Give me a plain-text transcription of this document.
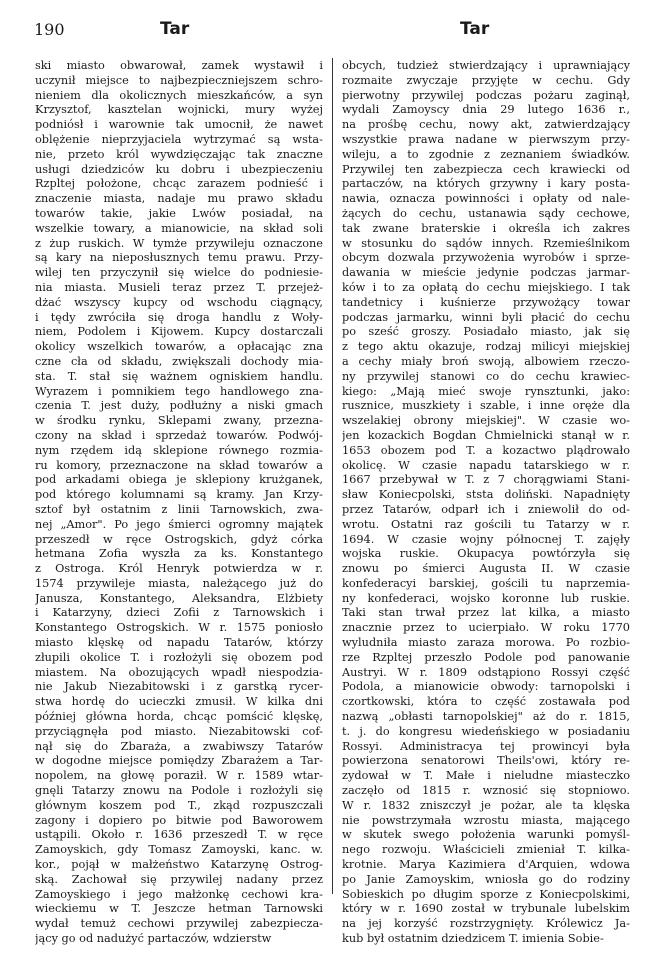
190	Tar	Tar
ski miasto obwarował, zamek wystawił i
uczynił miejsce to najbezpieczniejszem schro-
nieniem dla okolicznych mieszkańców, a syn
Krzysztof, kasztelan wojnicki, mury wyżej
podniósł i warownie tak umocnił, że nawet
oblężenie nieprzyjaciela wytrzymać są wsta-
nie, przeto król wywdzięczając tak znaczne
usługi dziedziców ku dobru i ubezpieczeniu
Rzpltej położone, chcąc zarazem podnieść i
znaczenie miasta, nadaje mu prawo składu
towarów takie, jakie Lwów posiadał, na
wszelkie towary, a mianowicie, na skład soli
z żup ruskich. W tymże przywileju oznaczone
są kary na nieposłusznych temu prawu. Przy-
wilej ten przyczynił się wielce do podniesie-
nia miasta. Musieli teraz przez T. przejeż-
dżać wszyscy kupcy od wschodu ciągnący,
i tędy zwróciła się droga handlu z Woły-
niem, Podolem i Kijowem. Kupcy dostarczali
okolicy wszelkich towarów, a opłacając zna
czne cła od składu, zwiększali dochody mia-
sta. T. stał się ważnem ogniskiem handlu.
Wyrazem i pomnikiem tego handlowego zna-
czenia T. jest duży, podłużny a niski gmach
w środku rynku, Sklepami zwany, przezna-
czony na skład i sprzedaż towarów. Podwój-
nym rzędem idą sklepione równego rozmia-
ru komory, przeznaczone na skład towarów a
pod arkadami obiega je sklepiony krużganek,
pod którego kolumnami są kramy. Jan Krzy-
sztof był ostatnim z linii Tarnowskich, zwa-
nej „Amor". Po jego śmierci ogromny majątek
przeszedł w ręce Ostrogskich, gdyż córka
hetmana Zofia wyszła za ks. Konstantego
z Ostroga. Król Henryk potwierdza w r.
1574 przywileje miasta, należącego już do
Janusza, Konstantego, Aleksandra, Elżbiety
i Katarzyny, dzieci Zofii z Tarnowskich i
Konstantego Ostrogskich. W r. 1575 poniosło
miasto klęskę od napadu Tatarów, którzy
złupili okolice T. i rozłożyli się obozem pod
miastem. Na obozujących wpadł niespodzia-
nie Jakub Niezabitowski i z garstką rycer-
stwa hordę do ucieczki zmusił. W kilka dni
później główna horda, chcąc pomścić klęskę,
przyciągnęła pod miasto. Niezabitowski cof-
nął się do Zbaraża, a zwabiwszy Tatarów
w dogodne miejsce pomiędzy Zbarażem a Tar-
nopolem, na głowę poraził. W r. 1589 wtar-
gnęli Tatarzy znowu na Podole i rozłożyli się
głównym koszem pod T., zkąd rozpuszczali
zagony i dopiero po bitwie pod Baworowem
ustąpili. Około r. 1636 przeszedł T. w ręce
Zamoyskich, gdy Tomasz Zamoyski, kanc. w.
kor., pojął w małżeństwo Katarzynę Ostrog-
ską. Zachował się przywilej nadany przez
Zamoyskiego i jego małżonkę cechowi kra-
wieckiemu w T. Jeszcze hetman Tarnowski
wydał temuż cechowi przywilej zabezpiecza-
jący go od nadużyć partaczów, wdzierstw
obcych, tudzież stwierdzający i uprawniający
rozmaite zwyczaje przyjęte w cechu. Gdy
pierwotny przywilej podczas pożaru zaginął,
wydali Zamoyscy dnia 29 lutego 1636 r.,
na prośbę cechu, nowy akt, zatwierdzający
wszystkie prawa nadane w pierwszym przy-
wileju, a to zgodnie z zeznaniem świadków.
Przywilej ten zabezpiecza cech krawiecki od
partaczów, na których grzywny i kary posta-
nawia, oznacza powinności i opłaty od nale-
żących do cechu, ustanawia sądy cechowe,
tak zwane braterskie i określa ich zakres
w stosunku do sądów innych. Rzemieślnikom
obcym dozwala przywożenia wyrobów i sprze-
dawania w mieście jedynie podczas jarmar-
ków i to za opłatą do cechu miejskiego. I tak
tandetnicy i kuśnierze przywożący towar
podczas jarmarku, winni byli płacić do cechu
po sześć groszy. Posiadało miasto, jak się
z tego aktu okazuje, rodzaj milicyi miejskiej
a cechy miały broń swoją, albowiem rzeczo-
ny przywilej stanowi co do cechu krawiec-
kiego: „Mają mieć swoje rynsztunki, jako:
rusznice, muszkiety i szable, i inne oręże dla
wszelakiej obrony miejskiej". W czasie wo-
jen kozackich Bogdan Chmielnicki stanął w r.
1653 obozem pod T. a kozactwo plądrowało
okolicę. W czasie napadu tatarskiego w r.
1667 przebywał w T. z 7 chorągwiami Stani-
sław Koniecpolski, ststa doliński. Napadnięty
przez Tatarów, odparł ich i zniewolił do od-
wrotu. Ostatni raz gościli tu Tatarzy w r.
1694. W czasie wojny północnej T. zajęły
wojska ruskie. Okupacya powtórzyła się
znowu po śmierci Augusta II. W czasie
konfederacyi barskiej, gościli tu naprzemia-
ny konfederaci, wojsko koronne lub ruskie.
Taki stan trwał przez lat kilka, a miasto
znacznie przez to ucierpiało. W roku 1770
wyludniła miasto zaraza morowa. Po rozbio-
rze Rzpltej przeszło Podole pod panowanie
Austryi. W r. 1809 odstąpiono Rossyi część
Podola, a mianowicie obwody: tarnopolski i
czortkowski, która to część zostawała pod
nazwą „obłasti tarnopolskiej" aż do r. 1815,
t. j. do kongresu wiedeńskiego w posiadaniu
Rossyi. Administracya tej prowincyi była
powierzona senatorowi Theils'owi, który re-
zydował w T. Małe i nieludne miasteczko
zaczęło od 1815 r. wznosić się stopniowo.
W r. 1832 zniszczył je pożar, ale ta klęska
nie powstrzymała wzrostu miasta, mającego
w skutek swego położenia warunki pomyśl-
nego rozwoju. Właścicieli zmieniał T. kilka-
krotnie. Marya Kazimiera d'Arquien, wdowa
po Janie Zamoyskim, wniosła go do rodziny
Sobieskich po długim sporze z Koniecpolskimi,
który w r. 1690 został w trybunale lubelskim
na jej korzyść rozstrzygnięty. Królewicz Ja-
kub był ostatnim dziedzicem T. imienia Sobie-
